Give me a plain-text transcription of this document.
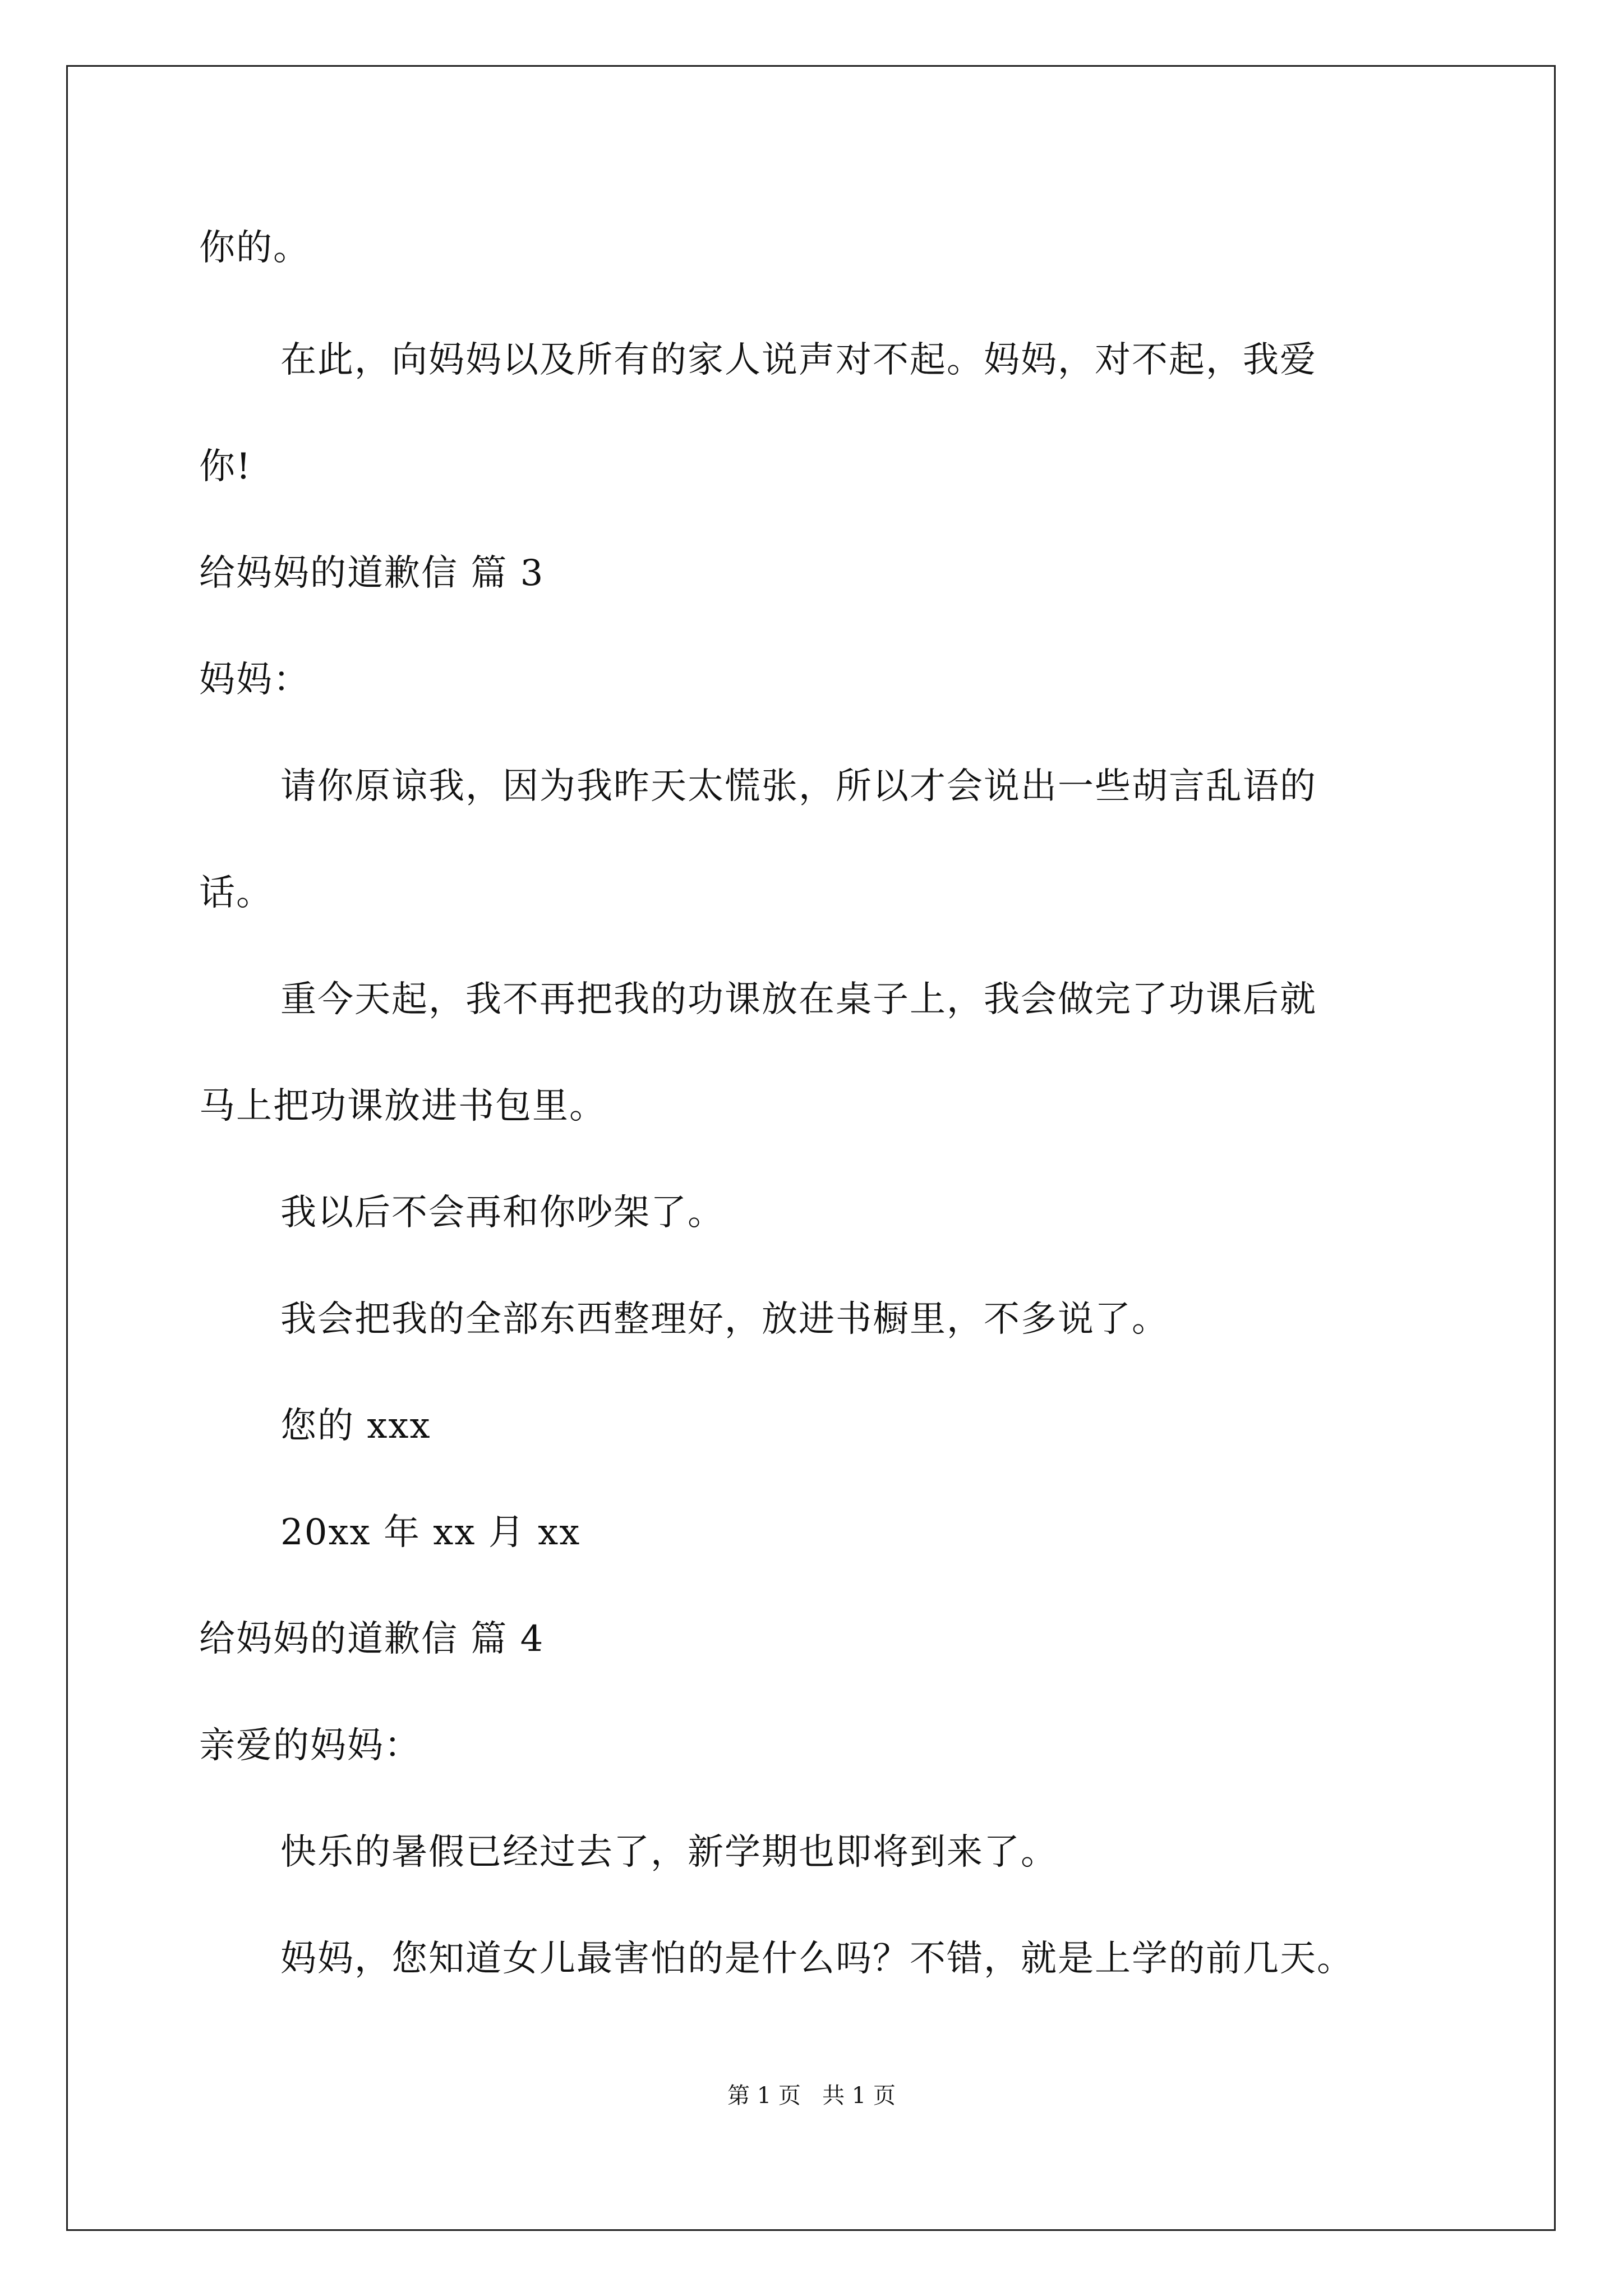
你的。

在此，向妈妈以及所有的家人说声对不起。妈妈，对不起，我爱

你!

给妈妈的道歉信 篇 3

妈妈：

请你原谅我，因为我昨天太慌张，所以才会说出一些胡言乱语的

话。

重今天起，我不再把我的功课放在桌子上，我会做完了功课后就

马上把功课放进书包里。

我以后不会再和你吵架了。

我会把我的全部东西整理好，放进书橱里，不多说了。

您的 xxx

20xx 年 xx 月 xx

给妈妈的道歉信 篇 4

亲爱的妈妈：

快乐的暑假已经过去了，新学期也即将到来了。

妈妈，您知道女儿最害怕的是什么吗？不错，就是上学的前几天。

第 1 页   共 1 页
